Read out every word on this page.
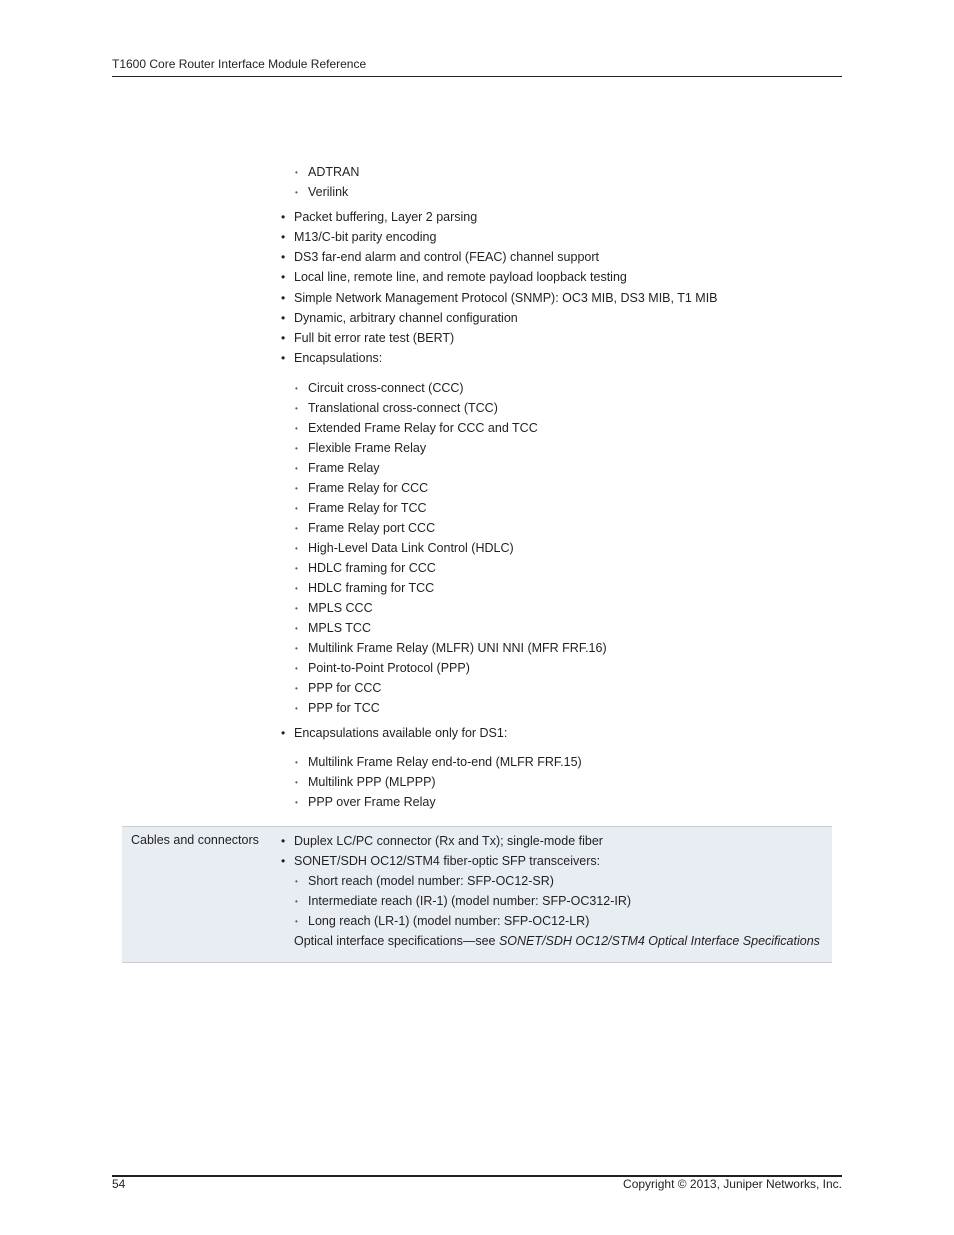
T1600 Core Router Interface Module Reference
• ADTRAN
• Verilink
• Packet buffering, Layer 2 parsing
• M13/C-bit parity encoding
• DS3 far-end alarm and control (FEAC) channel support
• Local line, remote line, and remote payload loopback testing
• Simple Network Management Protocol (SNMP): OC3 MIB, DS3 MIB, T1 MIB
• Dynamic, arbitrary channel configuration
• Full bit error rate test (BERT)
• Encapsulations:
• Circuit cross-connect (CCC)
• Translational cross-connect (TCC)
• Extended Frame Relay for CCC and TCC
• Flexible Frame Relay
• Frame Relay
• Frame Relay for CCC
• Frame Relay for TCC
• Frame Relay port CCC
• High-Level Data Link Control (HDLC)
• HDLC framing for CCC
• HDLC framing for TCC
• MPLS CCC
• MPLS TCC
• Multilink Frame Relay (MLFR) UNI NNI (MFR FRF.16)
• Point-to-Point Protocol (PPP)
• PPP for CCC
• PPP for TCC
• Encapsulations available only for DS1:
• Multilink Frame Relay end-to-end (MLFR FRF.15)
• Multilink PPP (MLPPP)
• PPP over Frame Relay
Cables and connectors
•	Duplex LC/PC connector (Rx and Tx); single-mode fiber
• SONET/SDH OC12/STM4 fiber-optic SFP transceivers:
• Short reach (model number: SFP-OC12-SR)
• Intermediate reach (IR-1) (model number: SFP-OC312-IR)
• Long reach (LR-1) (model number: SFP-OC12-LR)
Optical interface specifications—see SONET/SDH OC12/STM4 Optical Interface Specifications
54	Copyright © 2013, Juniper Networks, Inc.
